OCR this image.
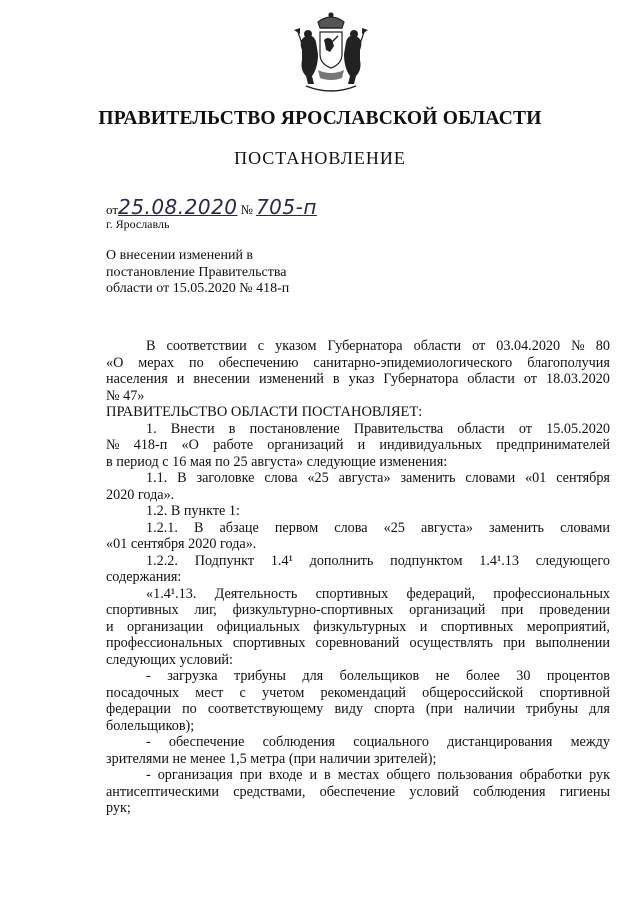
ПРАВИТЕЛЬСТВО ЯРОСЛАВСКОЙ ОБЛАСТИ
ПОСТАНОВЛЕНИЕ
от25.08.2020 № 705-п
г. Ярославль
О внесении изменений в
постановление Правительства
области от 15.05.2020 № 418-п
В соответствии с указом Губернатора области от 03.04.2020 № 80
«О мерах по обеспечению санитарно-эпидемиологического благополучия
населения и внесении изменений в указ Губернатора области от 18.03.2020
№ 47»
ПРАВИТЕЛЬСТВО ОБЛАСТИ ПОСТАНОВЛЯЕТ:
1. Внести в постановление Правительства области от 15.05.2020
№ 418-п «О работе организаций и индивидуальных предпринимателей
в период с 16 мая по 25 августа» следующие изменения:
1.1. В заголовке слова «25 августа» заменить словами «01 сентября
2020 года».
1.2. В пункте 1:
1.2.1. В абзаце первом слова «25 августа» заменить словами
«01 сентября 2020 года».
1.2.2. Подпункт 1.4¹ дополнить подпунктом 1.4¹.13 следующего
содержания:
«1.4¹.13. Деятельность спортивных федераций, профессиональных
спортивных лиг, физкультурно-спортивных организаций при проведении
и организации официальных физкультурных и спортивных мероприятий,
профессиональных спортивных соревнований осуществлять при выполнении
следующих условий:
- загрузка трибуны для болельщиков не более 30 процентов
посадочных мест с учетом рекомендаций общероссийской спортивной
федерации по соответствующему виду спорта (при наличии трибуны для
болельщиков);
- обеспечение соблюдения социального дистанцирования между
зрителями не менее 1,5 метра (при наличии зрителей);
- организация при входе и в местах общего пользования обработки рук
антисептическими средствами, обеспечение условий соблюдения гигиены
рук;
